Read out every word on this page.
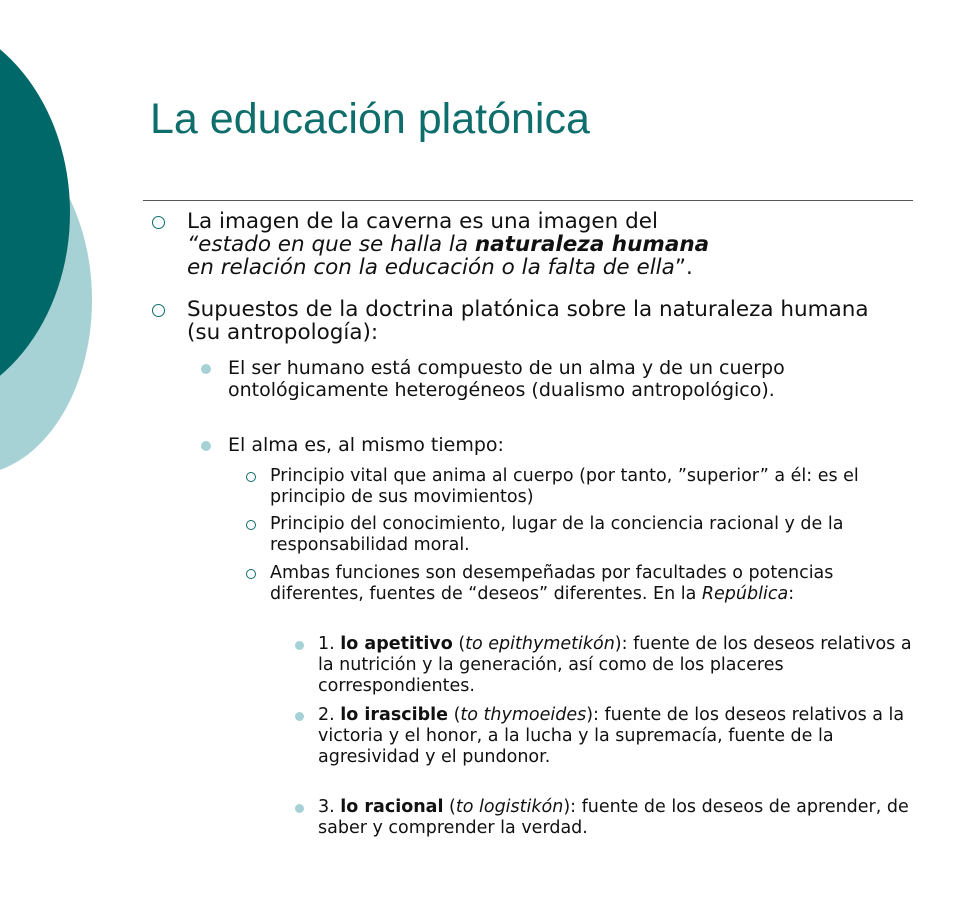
La educación platónica
La imagen de la caverna es una imagen del
“estado en que se halla la naturaleza humana
en relación con la educación o la falta de ella”.
Supuestos de la doctrina platónica sobre la naturaleza humana (su antropología):
El ser humano está compuesto de un alma y de un cuerpo ontológicamente heterogéneos (dualismo antropológico).
El alma es, al mismo tiempo:
Principio vital que anima al cuerpo (por tanto, ”superior” a él: es el principio de sus movimientos)
Principio del conocimiento, lugar de la conciencia racional y de la responsabilidad moral.
Ambas funciones son desempeñadas por facultades o potencias diferentes, fuentes de “deseos” diferentes. En la República:
1. lo apetitivo (to epithymetikón): fuente de los deseos relativos a la nutrición y la generación, así como de los placeres correspondientes.
2. lo irascible (to thymoeides): fuente de los deseos relativos a la victoria y el honor, a la lucha y la supremacía, fuente de la agresividad y el pundonor.
3. lo racional (to logistikón): fuente de los deseos de aprender, de saber y comprender la verdad.
